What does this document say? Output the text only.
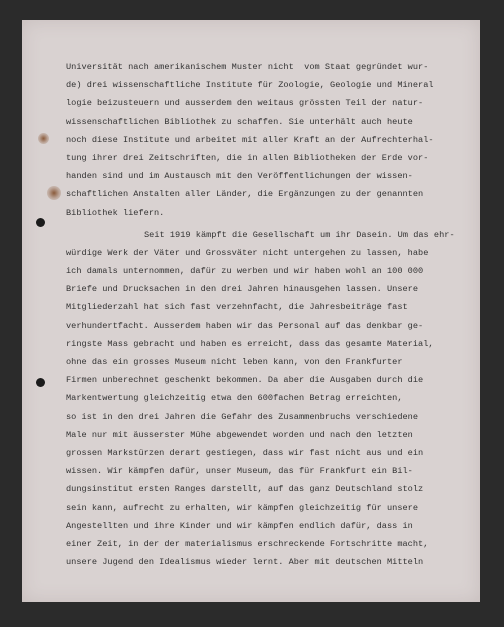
Universität nach amerikanischem Muster nicht  vom Staat gegründet wur-
de) drei wissenschaftliche Institute für Zoologie, Geologie und Mineral
logie beizusteuern und ausserdem den weitaus grössten Teil der natur-
wissenschaftlichen Bibliothek zu schaffen. Sie unterhält auch heute
noch diese Institute und arbeitet mit aller Kraft an der Aufrechterhal-
tung ihrer drei Zeitschriften, die in allen Bibliotheken der Erde vor-
handen sind und im Austausch mit den Veröffentlichungen der wissen-
schaftlichen Anstalten aller Länder, die Ergänzungen zu der genannten
Bibliothek liefern.
Seit 1919 kämpft die Gesellschaft um ihr Dasein. Um das ehr-
würdige Werk der Väter und Grossväter nicht untergehen zu lassen, habe
ich damals unternommen, dafür zu werben und wir haben wohl an 100 000
Briefe und Drucksachen in den drei Jahren hinausgehen lassen. Unsere
Mitgliederzahl hat sich fast verzehnfacht, die Jahresbeiträge fast
verhundertfacht. Ausserdem haben wir das Personal auf das denkbar ge-
ringste Mass gebracht und haben es erreicht, dass das gesamte Material,
ohne das ein grosses Museum nicht leben kann, von den Frankfurter
Firmen unberechnet geschenkt bekommen. Da aber die Ausgaben durch die
Markentwertung gleichzeitig etwa den 600fachen Betrag erreichten,
so ist in den drei Jahren die Gefahr des Zusammenbruchs verschiedene
Male nur mit äusserster Mühe abgewendet worden und nach den letzten
grossen Markstürzen derart gestiegen, dass wir fast nicht aus und ein
wissen. Wir kämpfen dafür, unser Museum, das für Frankfurt ein Bil-
dungsinstitut ersten Ranges darstellt, auf das ganz Deutschland stolz
sein kann, aufrecht zu erhalten, wir kämpfen gleichzeitig für unsere
Angestellten und ihre Kinder und wir kämpfen endlich dafür, dass in
einer Zeit, in der der materialismus erschreckende Fortschritte macht,
unsere Jugend den Idealismus wieder lernt. Aber mit deutschen Mitteln
